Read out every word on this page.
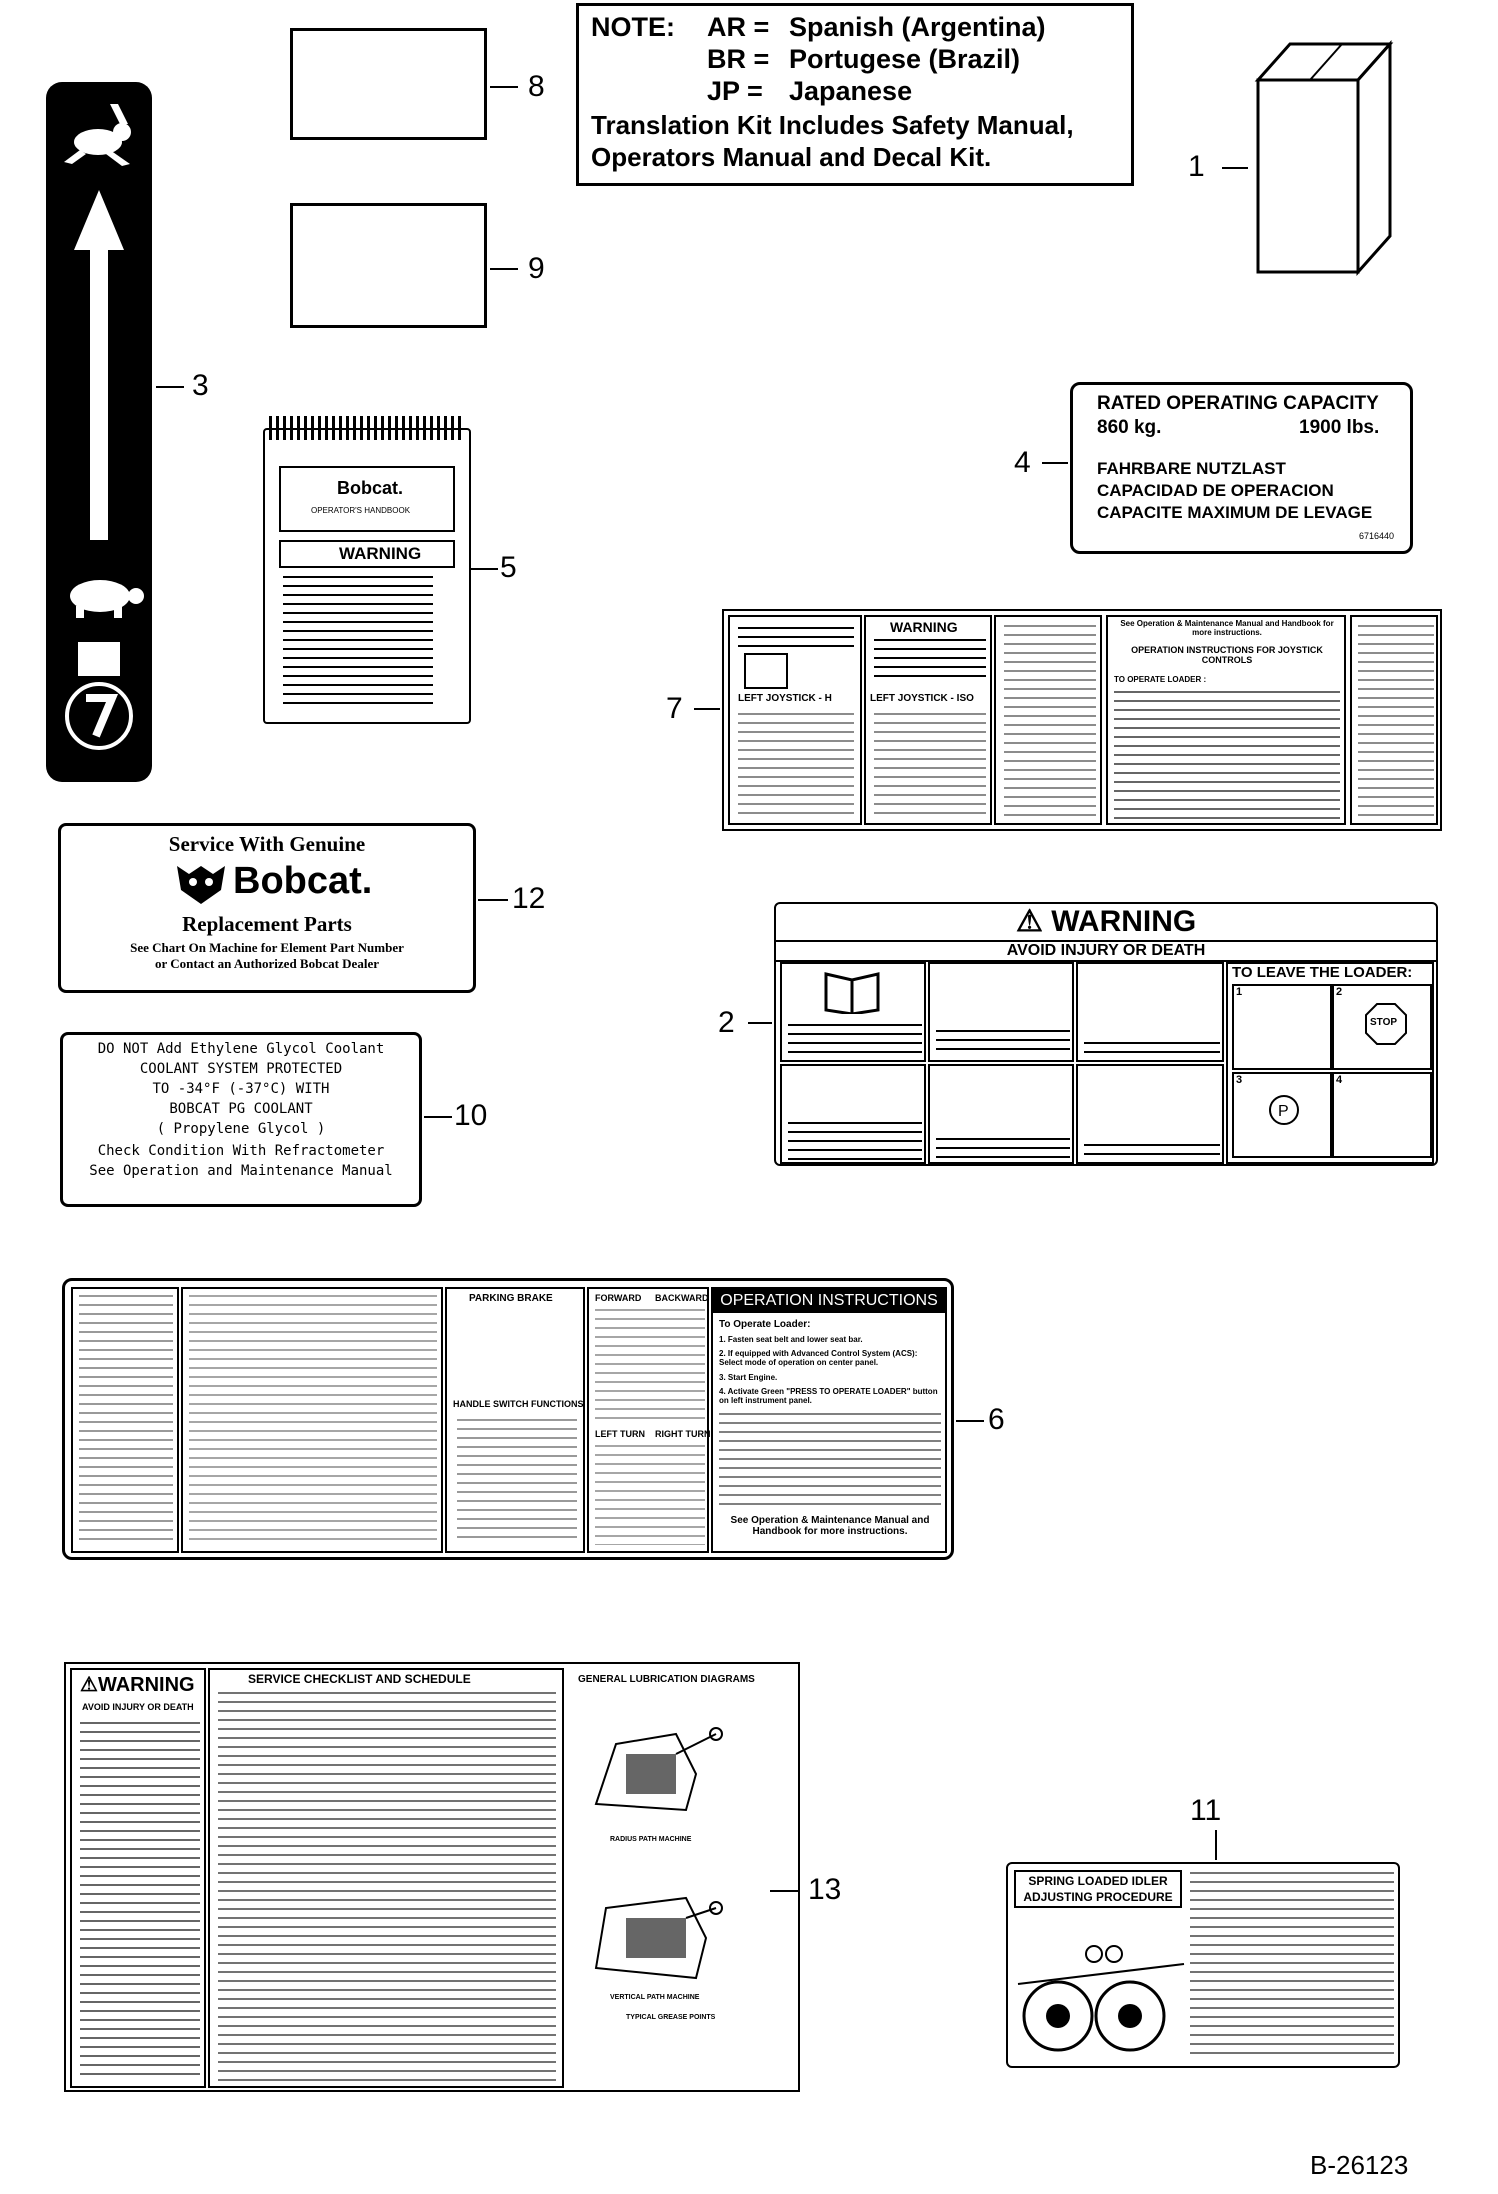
NOTE: AR = Spanish (Argentina)
BR = Portugese (Brazil)
JP = Japanese
Translation Kit Includes Safety Manual,
Operators Manual and Decal Kit.	1
8
9
3
Bobcat.
OPERATOR'S HANDBOOK
WARNING	5
RATED OPERATING CAPACITY
860 kg.	1900 lbs.
FAHRBARE NUTZLAST
CAPACIDAD DE OPERACION
CAPACITE MAXIMUM DE LEVAGE
6716440
4
LEFT JOYSTICK - H
WARNING
LEFT JOYSTICK - ISO
See Operation & Maintenance Manual and Handbook for more instructions.
OPERATION INSTRUCTIONS FOR JOYSTICK CONTROLS
TO OPERATE LOADER :
7
Service With Genuine
Bobcat.
Replacement Parts
See Chart On Machine for Element Part Number
or Contact an Authorized Bobcat Dealer
12
DO NOT Add Ethylene Glycol Coolant
COOLANT SYSTEM PROTECTED
TO -34°F (-37°C) WITH
BOBCAT PG COOLANT
( Propylene Glycol )
Check Condition With Refractometer
See Operation and Maintenance Manual
10
⚠ WARNING
AVOID INJURY OR DEATH
TO LEAVE THE LOADER:
1	2
STOP
3
P
4
2
PARKING BRAKE
HANDLE SWITCH FUNCTIONS
FORWARD BACKWARD
LEFT TURN RIGHT TURN
OPERATION INSTRUCTIONS
To Operate Loader:
1. Fasten seat belt and lower seat bar.
2. If equipped with Advanced Control System (ACS): Select mode of operation on center panel.
3. Start Engine.
4. Activate Green "PRESS TO OPERATE LOADER" button on left instrument panel.
See Operation & Maintenance Manual and Handbook for more instructions.
6
⚠WARNING
AVOID INJURY OR DEATH
SERVICE CHECKLIST AND SCHEDULE	GENERAL LUBRICATION DIAGRAMS
RADIUS PATH MACHINE
VERTICAL PATH MACHINE
TYPICAL GREASE POINTS
13
11
SPRING LOADED IDLER
ADJUSTING PROCEDURE
B-26123
